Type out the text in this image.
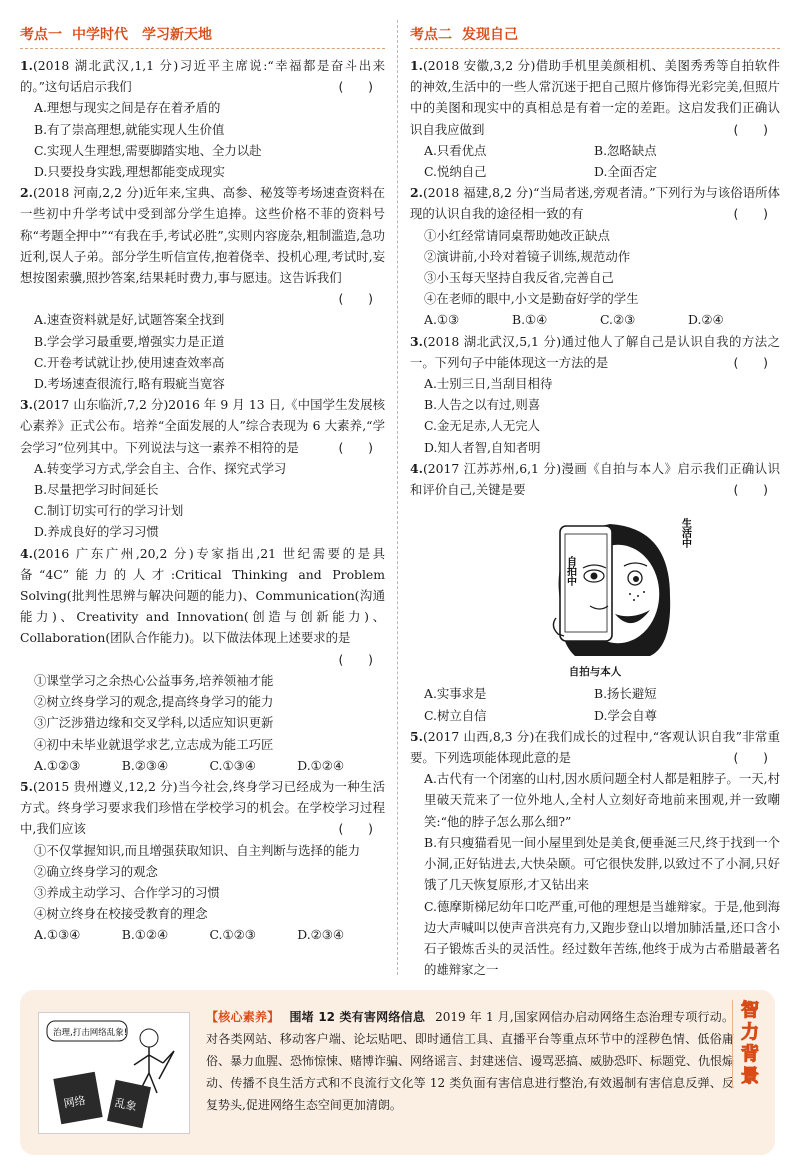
考点一 中学时代　学习新天地
1.(2018 湖北武汉,1,1 分)习近平主席说:“幸福都是奋斗出来的。”这句话启示我们	(　　)
A.理想与现实之间是存在着矛盾的
B.有了崇高理想,就能实现人生价值
C.实现人生理想,需要脚踏实地、全力以赴
D.只要投身实践,理想都能变成现实
2.(2018 河南,2,2 分)近年来,宝典、高参、秘笈等考场速查资料在一些初中升学考试中受到部分学生追捧。这些价格不菲的资料号称“考题全押中”“有我在手,考试必胜”,实则内容庞杂,粗制滥造,急功近利,误人子弟。部分学生听信宣传,抱着侥幸、投机心理,考试时,妄想按图索骥,照抄答案,结果耗时费力,事与愿违。这告诉我们
(　　)
A.速查资料就是好,试题答案全找到
B.学会学习最重要,增强实力是正道
C.开卷考试就让抄,使用速查效率高
D.考场速查很流行,略有瑕疵当宽容
3.(2017 山东临沂,7,2 分)2016 年 9 月 13 日,《中国学生发展核心素养》正式公布。培养“全面发展的人”综合表现为 6 大素养,“学会学习”位列其中。下列说法与这一素养不相符的是	(　　)
A.转变学习方式,学会自主、合作、探究式学习
B.尽量把学习时间延长
C.制订切实可行的学习计划
D.养成良好的学习习惯
4.(2016 广东广州,20,2 分)专家指出,21 世纪需要的是具备“4C”能力的人才:Critical Thinking and Problem Solving(批判性思辨与解决问题的能力)、Communication(沟通能力)、Creativity and Innovation(创造与创新能力)、Collaboration(团队合作能力)。以下做法体现上述要求的是
(　　)
①课堂学习之余热心公益事务,培养领袖才能
②树立终身学习的观念,提高终身学习的能力
③广泛涉猎边缘和交叉学科,以适应知识更新
④初中未毕业就退学求艺,立志成为能工巧匠
A.①②③	B.②③④	C.①③④	D.①②④
5.(2015 贵州遵义,12,2 分)当今社会,终身学习已经成为一种生活方式。终身学习要求我们珍惜在学校学习的机会。在学校学习过程中,我们应该	(　　)
①不仅掌握知识,而且增强获取知识、自主判断与选择的能力
②确立终身学习的观念
③养成主动学习、合作学习的习惯
④树立终身在校接受教育的理念
A.①③④	B.①②④	C.①②③	D.②③④
考点二 发现自己
1.(2018 安徽,3,2 分)借助手机里美颜相机、美图秀秀等自拍软件的神效,生活中的一些人常沉迷于把自己照片修饰得光彩完美,但照片中的美图和现实中的真相总是有着一定的差距。这启发我们正确认识自我应做到	(　　)
A.只看优点	B.忽略缺点
C.悦纳自己	D.全面否定
2.(2018 福建,8,2 分)“当局者迷,旁观者清。”下列行为与该俗语所体现的认识自我的途径相一致的有	(　　)
①小红经常请同桌帮助她改正缺点
②演讲前,小玲对着镜子训练,规范动作
③小玉每天坚持自我反省,完善自己
④在老师的眼中,小文是勤奋好学的学生
A.①③	B.①④	C.②③	D.②④
3.(2018 湖北武汉,5,1 分)通过他人了解自己是认识自我的方法之一。下列句子中能体现这一方法的是	(　　)
A.士别三日,当刮目相待
B.人告之以有过,则喜
C.金无足赤,人无完人
D.知人者智,自知者明
4.(2017 江苏苏州,6,1 分)漫画《自拍与本人》启示我们正确认识和评价自己,关键是要	(　　)
自拍中
生活中
自拍与本人
A.实事求是	B.扬长避短
C.树立自信	D.学会自尊
5.(2017 山西,8,3 分)在我们成长的过程中,“客观认识自我”非常重要。下列选项能体现此意的是	(　　)
A.古代有一个闭塞的山村,因水质问题全村人都是粗脖子。一天,村里破天荒来了一位外地人,全村人立刻好奇地前来围观,并一致嘲笑:“他的脖子怎么那么细?”
B.有只瘦猫看见一间小屋里到处是美食,便垂涎三尺,终于找到一个小洞,正好钻进去,大快朵颐。可它很快发胖,以致过不了小洞,只好饿了几天恢复原形,才又钻出来
C.德摩斯梯尼幼年口吃严重,可他的理想是当雄辩家。于是,他到海边大声喊叫以使声音洪亮有力,又跑步登山以增加肺活量,还口含小石子锻炼舌头的灵活性。经过数年苦练,他终于成为古希腊最著名的雄辩家之一
治理,打击网络乱象!
网络 乱象
【核心素养】 围堵 12 类有害网络信息 2019 年 1 月,国家网信办启动网络生态治理专项行动。对各类网站、移动客户端、论坛贴吧、即时通信工具、直播平台等重点环节中的淫秽色情、低俗庸俗、暴力血腥、恐怖惊悚、赌博诈骗、网络谣言、封建迷信、谩骂恶搞、威胁恐吓、标题党、仇恨煽动、传播不良生活方式和不良流行文化等 12 类负面有害信息进行整治,有效遏制有害信息反弹、反复势头,促进网络生态空间更加清朗。
智力背景
